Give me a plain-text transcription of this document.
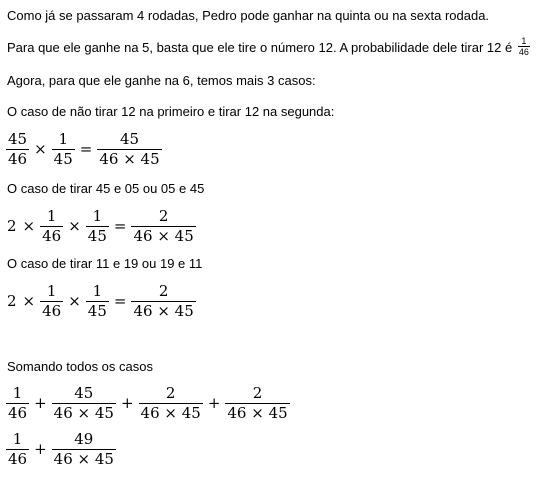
Como já se passaram 4 rodadas, Pedro pode ganhar na quinta ou na sexta rodada.
Para que ele ganhe na 5, basta que ele tire o número 12. A probabilidade dele tirar 12 é $\frac{1}{46}$
Agora, para que ele ganhe na 6, temos mais 3 casos:
O caso de não tirar 12 na primeiro e tirar 12 na segunda:
$\frac{45}{46} \times \frac{1}{45} = \frac{45}{46 \times 45}$
O caso de tirar 45 e 05 ou 05 e 45
$2 \times \frac{1}{46} \times \frac{1}{45} = \frac{2}{46 \times 45}$
O caso de tirar 11 e 19 ou 19 e 11
$2 \times \frac{1}{46} \times \frac{1}{45} = \frac{2}{46 \times 45}$
Somando todos os casos
$\frac{1}{46} + \frac{45}{46 \times 45} + \frac{2}{46 \times 45} + \frac{2}{46 \times 45}$
$\frac{1}{46} + \frac{49}{46 \times 45}$
